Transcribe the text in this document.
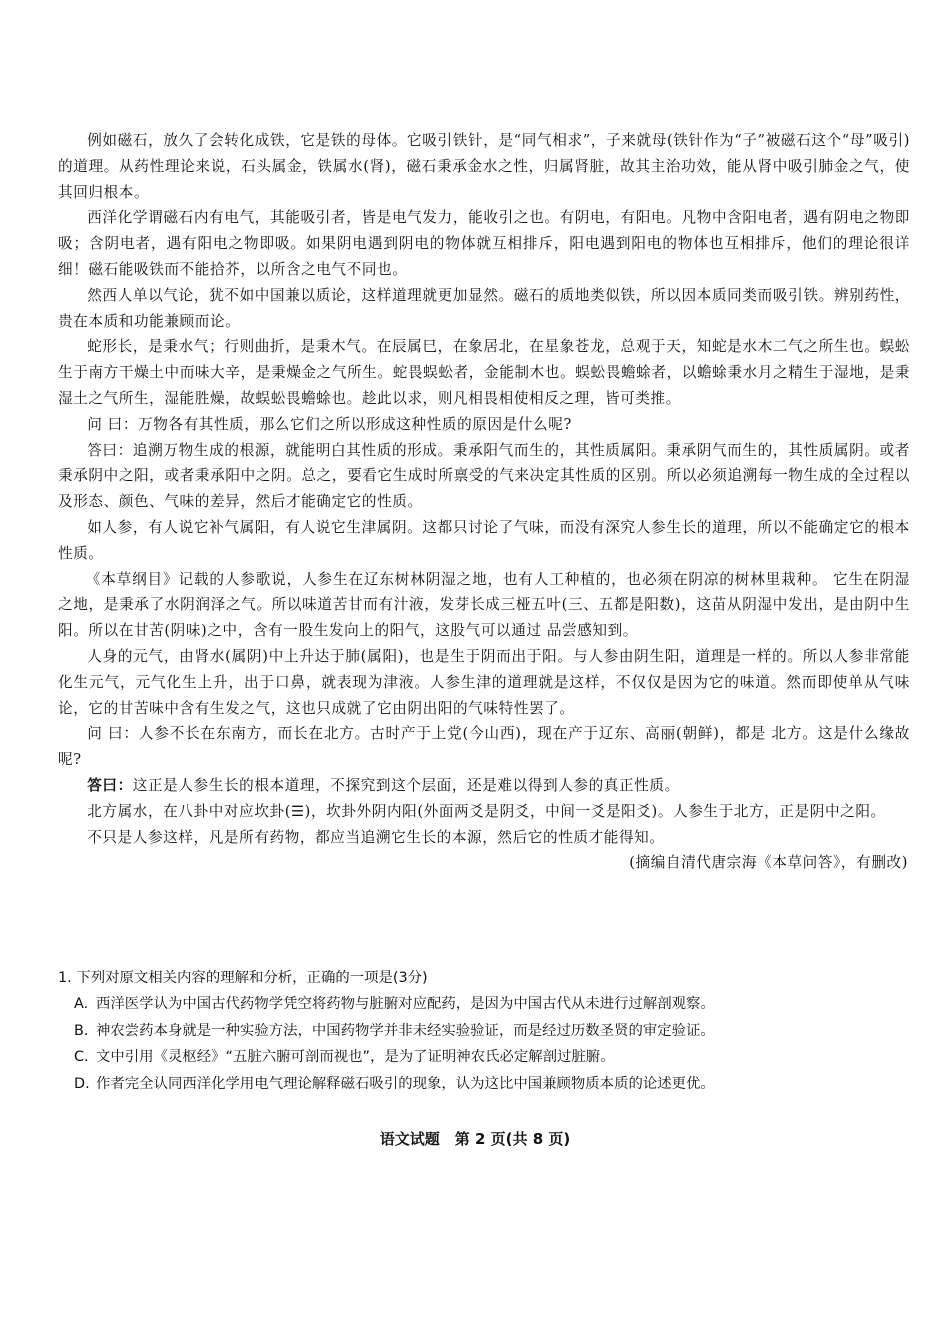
例如磁石，放久了会转化成铁，它是铁的母体。它吸引铁针，是“同气相求”，子来就母(铁针作为“子”被磁石这个“母”吸引)的道理。从药性理论来说，石头属金，铁属水(肾)，磁石秉承金水之性，归属肾脏，故其主治功效，能从肾中吸引肺金之气，使其回归根本。

西洋化学谓磁石内有电气，其能吸引者，皆是电气发力，能收引之也。有阴电，有阳电。凡物中含阳电者，遇有阴电之物即吸；含阴电者，遇有阳电之物即吸。如果阴电遇到阴电的物体就互相排斥，阳电遇到阳电的物体也互相排斥，他们的理论很详细！磁石能吸铁而不能拾芥，以所含之电气不同也。

然西人单以气论，犹不如中国兼以质论，这样道理就更加显然。磁石的质地类似铁，所以因本质同类而吸引铁。辨别药性，贵在本质和功能兼顾而论。

蛇形长，是秉水气；行则曲折，是秉木气。在辰属巳，在象居北，在星象苍龙，总观于天，知蛇是水木二气之所生也。蜈蚣生于南方干燥土中而味大辛，是秉燥金之气所生。蛇畏蜈蚣者，金能制木也。蜈蚣畏蟾蜍者，以蟾蜍秉水月之精生于湿地，是秉湿土之气所生，湿能胜燥，故蜈蚣畏蟾蜍也。趁此以求，则凡相畏相使相反之理，皆可类推。

问 曰：万物各有其性质，那么它们之所以形成这种性质的原因是什么呢?

答曰：追溯万物生成的根源，就能明白其性质的形成。秉承阳气而生的，其性质属阳。秉承阴气而生的，其性质属阴。或者秉承阴中之阳，或者秉承阳中之阴。总之，要看它生成时所禀受的气来决定其性质的区别。所以必须追溯每一物生成的全过程以及形态、颜色、气味的差异，然后才能确定它的性质。

如人参，有人说它补气属阳，有人说它生津属阴。这都只讨论了气味，而没有深究人参生长的道理，所以不能确定它的根本性质。

《本草纲目》记载的人参歌说，人参生在辽东树林阴湿之地，也有人工种植的，也必须在阴凉的树林里栽种。 它生在阴湿之地，是秉承了水阴润泽之气。所以味道苦甘而有汁液，发芽长成三桠五叶(三、五都是阳数)，这苗从阴湿中发出，是由阴中生阳。所以在甘苦(阴味)之中，含有一股生发向上的阳气，这股气可以通过 品尝感知到。

人身的元气，由肾水(属阴)中上升达于肺(属阳)，也是生于阴而出于阳。与人参由阴生阳，道理是一样的。所以人参非常能化生元气，元气化生上升，出于口鼻，就表现为津液。人参生津的道理就是这样，不仅仅是因为它的味道。然而即使单从气味论，它的甘苦味中含有生发之气，这也只成就了它由阴出阳的气味特性罢了。

问 曰：人参不长在东南方，而长在北方。古时产于上党(今山西)，现在产于辽东、高丽(朝鲜)，都是 北方。这是什么缘故呢?

答曰：这正是人参生长的根本道理，不探究到这个层面，还是难以得到人参的真正性质。

北方属水，在八卦中对应坎卦(☰)，坎卦外阴内阳(外面两爻是阴爻，中间一爻是阳爻)。人参生于北方，正是阴中之阳。

不只是人参这样，凡是所有药物，都应当追溯它生长的本源，然后它的性质才能得知。

(摘编自清代唐宗海《本草问答》，有删改)

1. 下列对原文相关内容的理解和分析，正确的一项是(3分)

A. 西洋医学认为中国古代药物学凭空将药物与脏腑对应配药，是因为中国古代从未进行过解剖观察。

B. 神农尝药本身就是一种实验方法，中国药物学并非未经实验验证，而是经过历数圣贤的审定验证。

C. 文中引用《灵枢经》“五脏六腑可剖而视也”，是为了证明神农氏必定解剖过脏腑。

D. 作者完全认同西洋化学用电气理论解释磁石吸引的现象，认为这比中国兼顾物质本质的论述更优。

语文试题　第 2 页(共 8 页)
